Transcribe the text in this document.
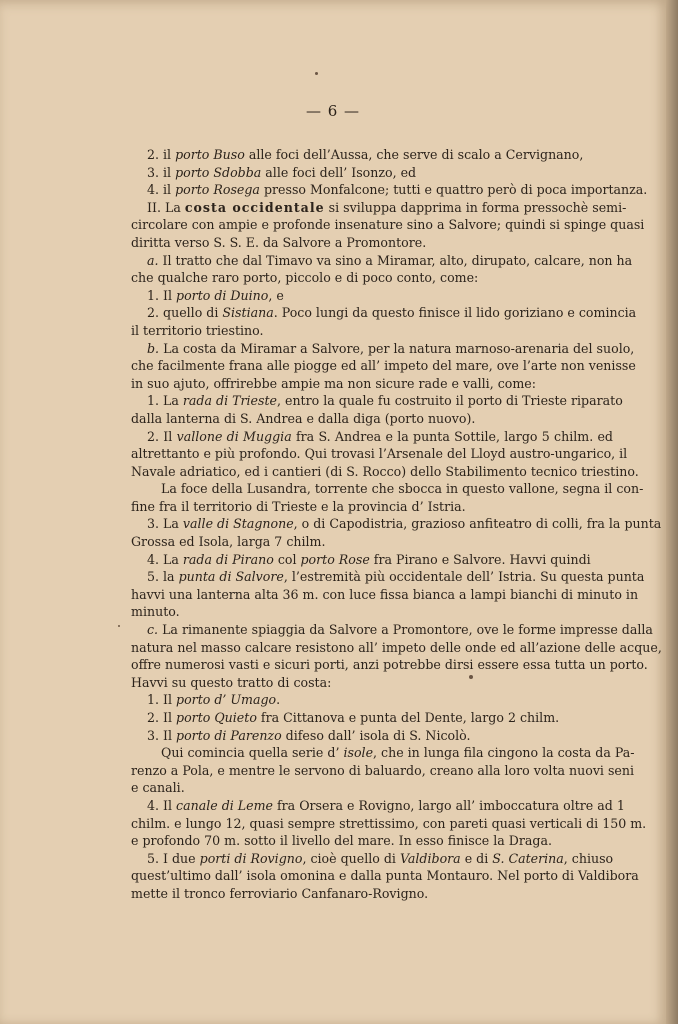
— 6 —
2. il porto Buso alle foci dell’Aussa, che serve di scalo a Cervignano,
3. il porto Sdobba alle foci dell’ Isonzo, ed
4. il porto Rosega presso Monfalcone; tutti e quattro però di poca importanza.
II. La costa occidentale si sviluppa dapprima in forma pressochè semi-
circolare con ampie e profonde insenature sino a Salvore; quindi si spinge quasi
diritta verso S. S. E. da Salvore a Promontore.
a. Il tratto che dal Timavo va sino a Miramar, alto, dirupato, calcare, non ha
che qualche raro porto, piccolo e di poco conto, come:
1. Il porto di Duino, e
2. quello di Sistiana. Poco lungi da questo finisce il lido goriziano e comincia
il territorio triestino.
b. La costa da Miramar a Salvore, per la natura marnoso-arenaria del suolo,
che facilmente frana alle piogge ed all’ impeto del mare, ove l’arte non venisse
in suo ajuto, offrirebbe ampie ma non sicure rade e valli, come:
1. La rada di Trieste, entro la quale fu costruito il porto di Trieste riparato
dalla lanterna di S. Andrea e dalla diga (porto nuovo).
2. Il vallone di Muggia fra S. Andrea e la punta Sottile, largo 5 chilm. ed
altrettanto e più profondo. Qui trovasi l’Arsenale del Lloyd austro-ungarico, il
Navale adriatico, ed i cantieri (di S. Rocco) dello Stabilimento tecnico triestino.
La foce della Lusandra, torrente che sbocca in questo vallone, segna il con-
fine fra il territorio di Trieste e la provincia d’ Istria.
3. La valle di Stagnone, o di Capodistria, grazioso anfiteatro di colli, fra la punta
Grossa ed Isola, larga 7 chilm.
4. La rada di Pirano col porto Rose fra Pirano e Salvore. Havvi quindi
5. la punta di Salvore, l’estremità più occidentale dell’ Istria. Su questa punta
havvi una lanterna alta 36 m. con luce fissa bianca a lampi bianchi di minuto in
minuto.
c. La rimanente spiaggia da Salvore a Promontore, ove le forme impresse dalla
natura nel masso calcare resistono all’ impeto delle onde ed all’azione delle acque,
offre numerosi vasti e sicuri porti, anzi potrebbe dirsi essere essa tutta un porto.
Havvi su questo tratto di costa:
1. Il porto d’ Umago.
2. Il porto Quieto fra Cittanova e punta del Dente, largo 2 chilm.
3. Il porto di Parenzo difeso dall’ isola di S. Nicolò.
Qui comincia quella serie d’ isole, che in lunga fila cingono la costa da Pa-
renzo a Pola, e mentre le servono di baluardo, creano alla loro volta nuovi seni
e canali.
4. Il canale di Leme fra Orsera e Rovigno, largo all’ imboccatura oltre ad 1
chilm. e lungo 12, quasi sempre strettissimo, con pareti quasi verticali di 150 m.
e profondo 70 m. sotto il livello del mare. In esso finisce la Draga.
5. I due porti di Rovigno, cioè quello di Valdibora e di S. Caterina, chiuso
quest’ultimo dall’ isola omonina e dalla punta Montauro. Nel porto di Valdibora
mette il tronco ferroviario Canfanaro-Rovigno.
